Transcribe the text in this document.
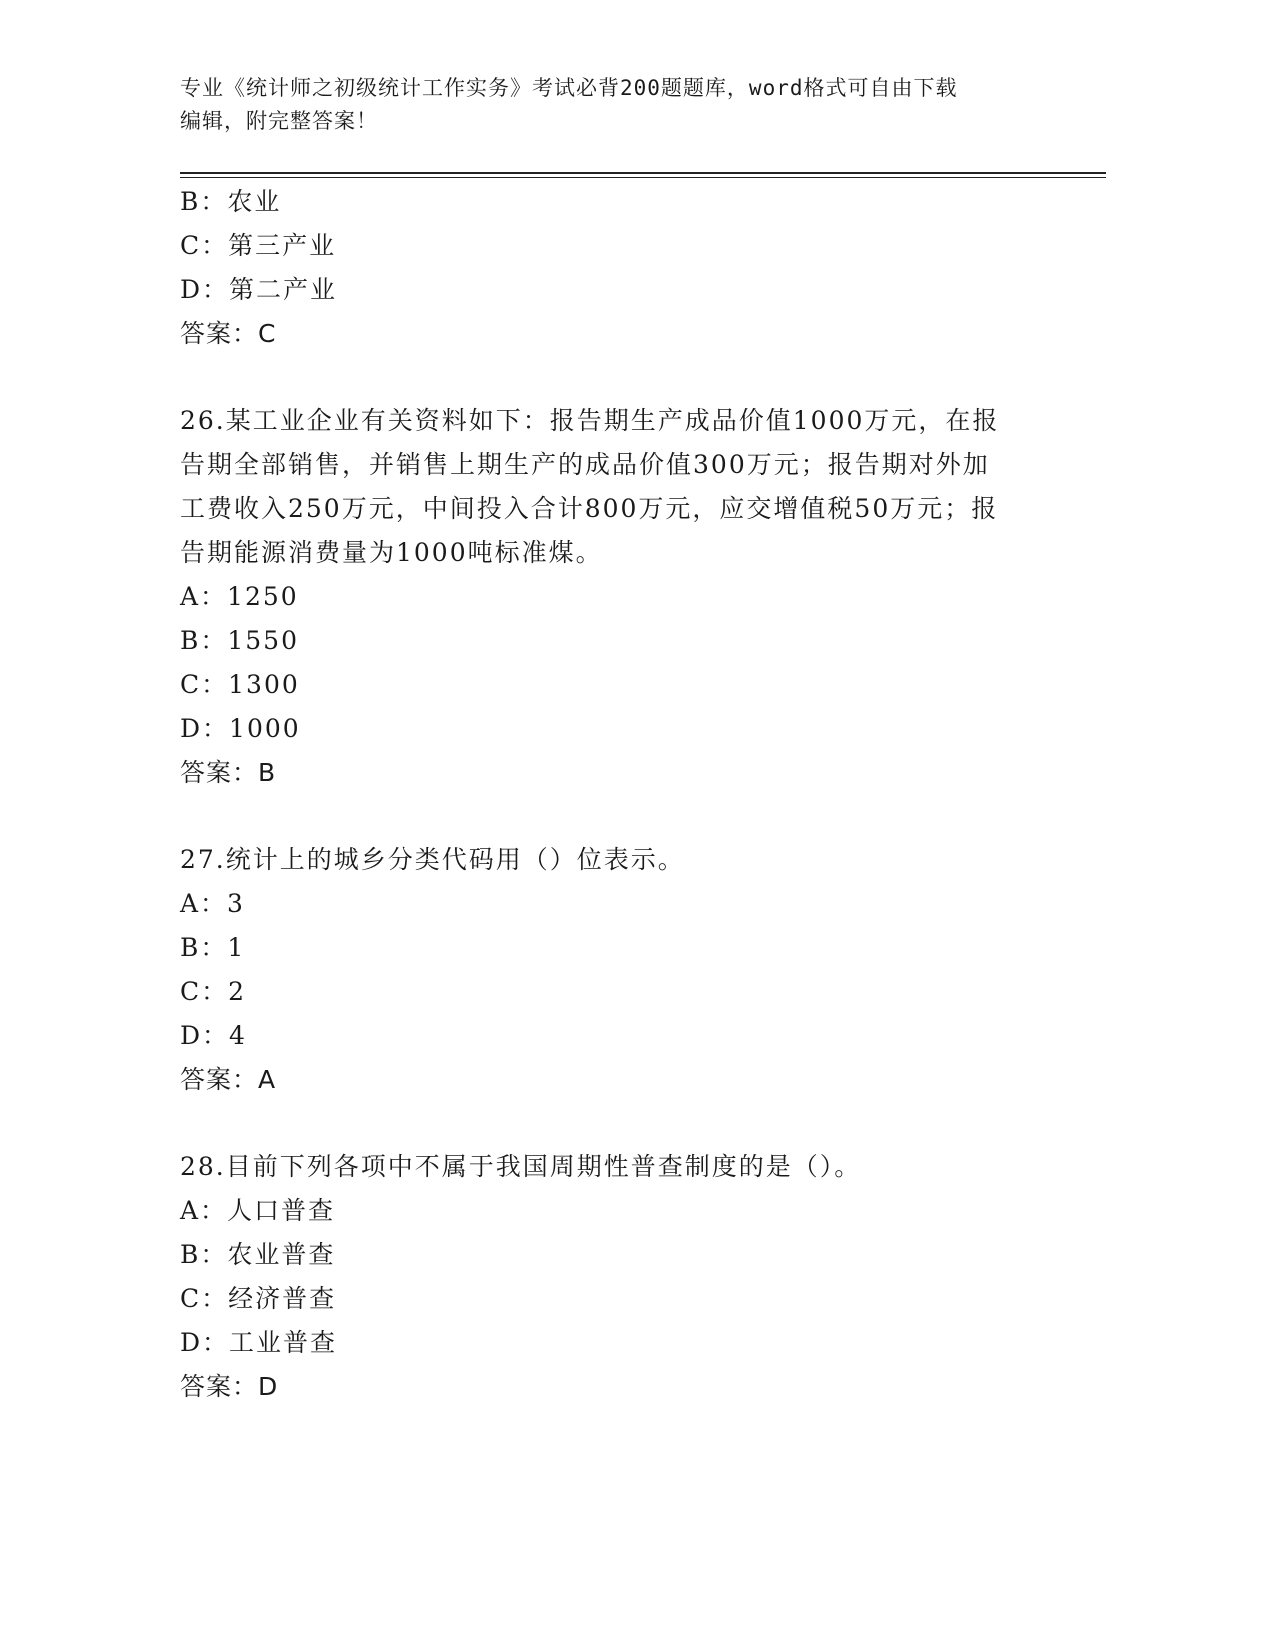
专业《统计师之初级统计工作实务》考试必背200题题库，word格式可自由下载
编辑，附完整答案！
B：农业
C：第三产业
D：第二产业
答案：C
26.某工业企业有关资料如下：报告期生产成品价值1000万元，在报
告期全部销售，并销售上期生产的成品价值300万元；报告期对外加
工费收入250万元，中间投入合计800万元，应交增值税50万元；报
告期能源消费量为1000吨标准煤。
A：1250
B：1550
C：1300
D：1000
答案：B
27.统计上的城乡分类代码用（）位表示。
A：3
B：1
C：2
D：4
答案：A
28.目前下列各项中不属于我国周期性普查制度的是（）。
A：人口普查
B：农业普查
C：经济普查
D：工业普查
答案：D
